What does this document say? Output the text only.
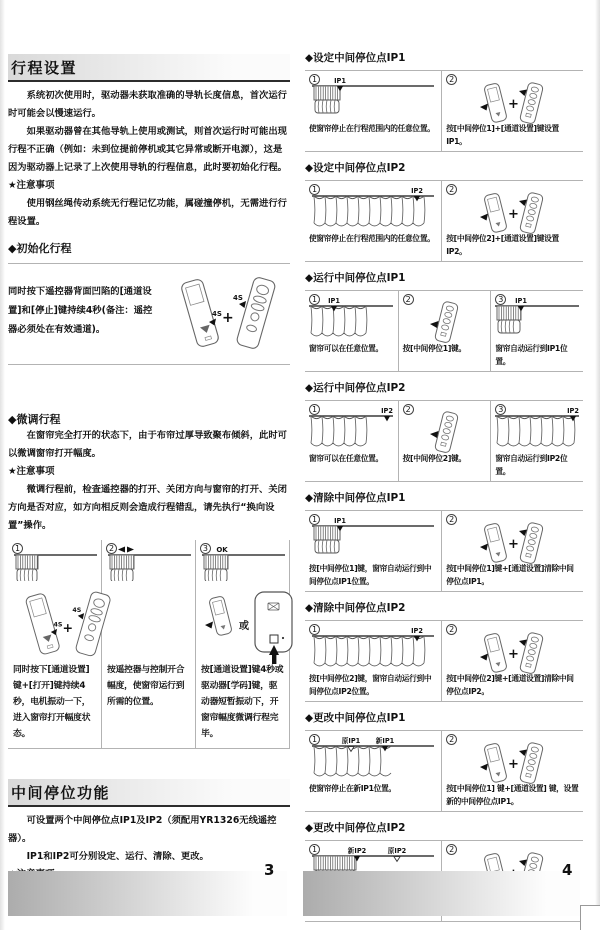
行程设置

系统初次使用时，驱动器未获取准确的导轨长度信息，首次运行时可能会以慢速运行。

如果驱动器曾在其他导轨上使用或测试，则首次运行时可能出现行程不正确（例如：未到位提前停机或其它异常或断开电源），这是因为驱动器上记录了上次使用导轨的行程信息，此时要初始化行程。

★注意事项

使用钢丝绳传动系统无行程记忆功能，属碰撞停机，无需进行行程设置。

◆初始化行程
同时按下遥控器背面凹陷的[通道设置]和[停止]键持续4秒(备注：遥控器必须处在有效通道)。
4S +
4S
◆微调行程

在窗帘完全打开的状态下，由于布帘过厚导致聚布倾斜，此时可以微调窗帘打开幅度。

★注意事项

微调行程前，检查遥控器的打开、关闭方向与窗帘的打开、关闭方向是否对应，如方向相反则会造成行程错乱，请先执行“换向设置”操作。

1
4S +
4S
同时按下[通道设置]键+[打开]键持续4秒，电机振动一下，进入窗帘打开幅度状态。
2
按遥控器与控制开合幅度，使窗帘运行到所需的位置。
3	OK
或
按[通道设置]键4秒或驱动器[学码]键，驱动器短暂振动下，开窗帘幅度微调行程完毕。
中间停位功能

可设置两个中间停位点IP1及IP2（须配用YR1326无线遥控器）。

IP1和IP2可分别设定、运行、清除、更改。

◆设定中间停位点IP1
1	IP1
使窗帘停止在行程范围内的任意位置。
2
+
按[中间停位1]+[通道设置]键设置IP1。
◆设定中间停位点IP2
1	IP2
使窗帘停止在行程范围内的任意位置。
2
+
按[中间停位2]+[通道设置]键设置IP2。
◆运行中间停位点IP1
1	IP1
窗帘可以在任意位置。
2
按[中间停位1]键。
3	IP1
窗帘自动运行到IP1位置。
◆运行中间停位点IP2
1	IP2
窗帘可以在任意位置。
2
按[中间停位2]键。
3	IP2
窗帘自动运行到IP2位置。
◆清除中间停位点IP1
1	IP1
按[中间停位1]键，窗帘自动运行到中间停位点IP1位置。
2
+
按[中间停位1]键+[通道设置]清除中间停位点IP1。
◆清除中间停位点IP2
1	IP2
按[中间停位2]键，窗帘自动运行到中间停位点IP2位置。
2
+
按[中间停位2]键+[通道设置]清除中间停位点IP2。
◆更改中间停位点IP1
1	原IP1 新IP1
使窗帘停止在新IP1位置。
2
+
按[中间停位1] 键+[通道设置] 键，设置新的中间停位点IP1。
◆更改中间停位点IP2
1	新IP2	原IP2	2
3	4
